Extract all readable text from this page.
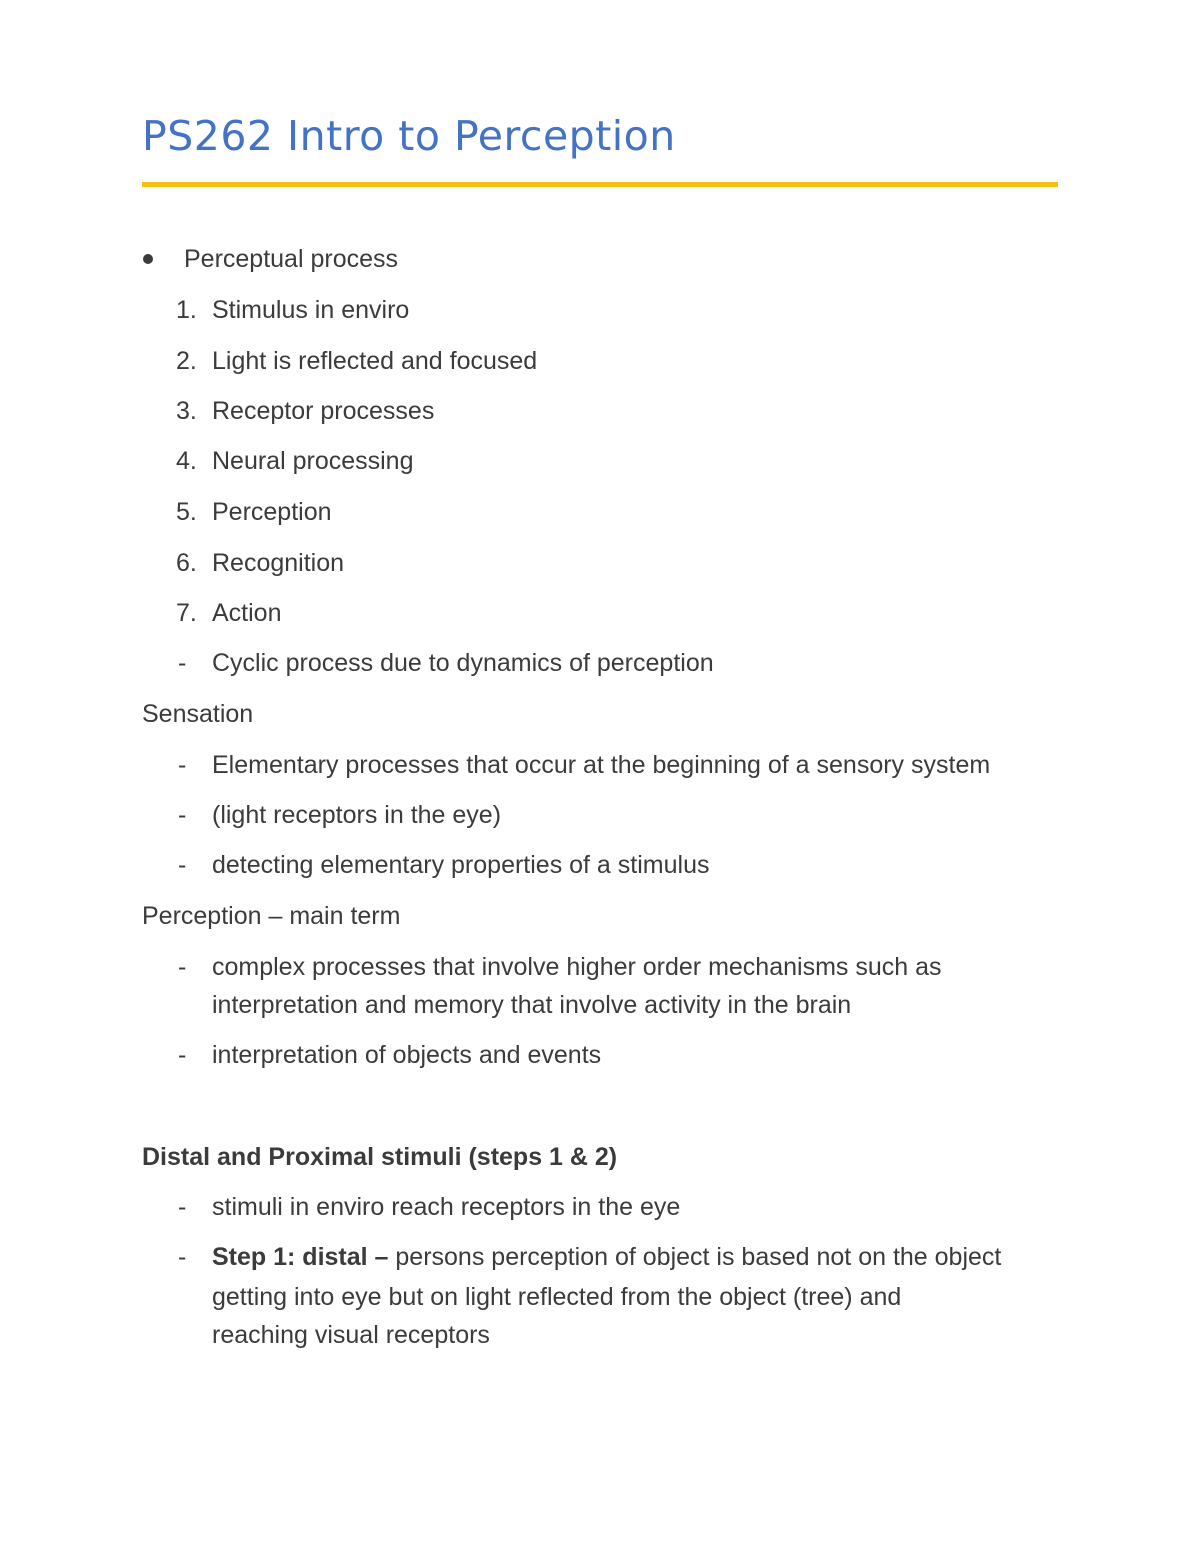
PS262 Intro to Perception
Perceptual process
1. Stimulus in enviro
2. Light is reflected and focused
3. Receptor processes
4. Neural processing
5. Perception
6. Recognition
7. Action
- Cyclic process due to dynamics of perception
Sensation
- Elementary processes that occur at the beginning of a sensory system
- (light receptors in the eye)
- detecting elementary properties of a stimulus
Perception – main term
- complex processes that involve higher order mechanisms such as
interpretation and memory that involve activity in the brain
- interpretation of objects and events
Distal and Proximal stimuli (steps 1 & 2)
- stimuli in enviro reach receptors in the eye
- Step 1: distal – persons perception of object is based not on the object
getting into eye but on light reflected from the object (tree) and
reaching visual receptors
